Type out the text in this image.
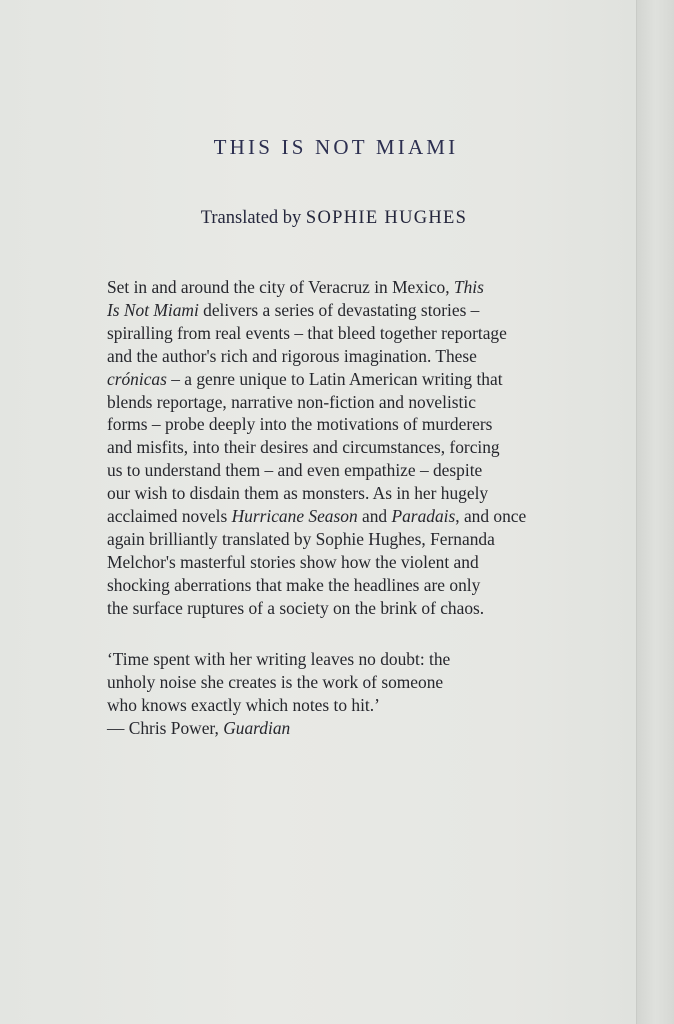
THIS IS NOT MIAMI
Translated by SOPHIE HUGHES
Set in and around the city of Veracruz in Mexico, This
Is Not Miami delivers a series of devastating stories –
spiralling from real events – that bleed together reportage
and the author's rich and rigorous imagination. These
crónicas – a genre unique to Latin American writing that
blends reportage, narrative non-fiction and novelistic
forms – probe deeply into the motivations of murderers
and misfits, into their desires and circumstances, forcing
us to understand them – and even empathize – despite
our wish to disdain them as monsters. As in her hugely
acclaimed novels Hurricane Season and Paradais, and once
again brilliantly translated by Sophie Hughes, Fernanda
Melchor's masterful stories show how the violent and
shocking aberrations that make the headlines are only
the surface ruptures of a society on the brink of chaos.
‘Time spent with her writing leaves no doubt: the
unholy noise she creates is the work of someone
who knows exactly which notes to hit.’
— Chris Power, Guardian
